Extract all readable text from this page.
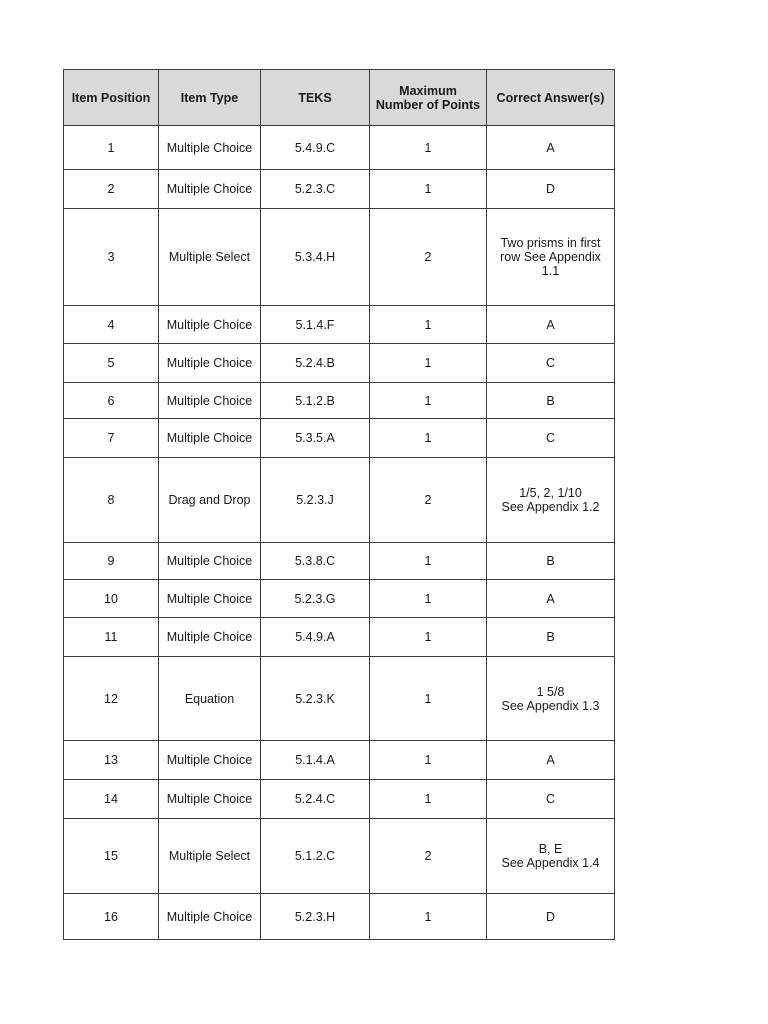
Item Position	Item Type	TEKS	Maximum Number of Points	Correct Answer(s)
1	Multiple Choice	5.4.9.C	1	A
2	Multiple Choice	5.2.3.C	1	D
3	Multiple Select	5.3.4.H	2	Two prisms in first row See Appendix 1.1
4	Multiple Choice	5.1.4.F	1	A
5	Multiple Choice	5.2.4.B	1	C
6	Multiple Choice	5.1.2.B	1	B
7	Multiple Choice	5.3.5.A	1	C
8	Drag and Drop	5.2.3.J	2	1/5, 2, 1/10
See Appendix 1.2
9	Multiple Choice	5.3.8.C	1	B
10	Multiple Choice	5.2.3.G	1	A
11	Multiple Choice	5.4.9.A	1	B
12	Equation	5.2.3.K	1	1 5/8
See Appendix 1.3
13	Multiple Choice	5.1.4.A	1	A
14	Multiple Choice	5.2.4.C	1	C
15	Multiple Select	5.1.2.C	2	B, E
See Appendix 1.4
16	Multiple Choice	5.2.3.H	1	D
